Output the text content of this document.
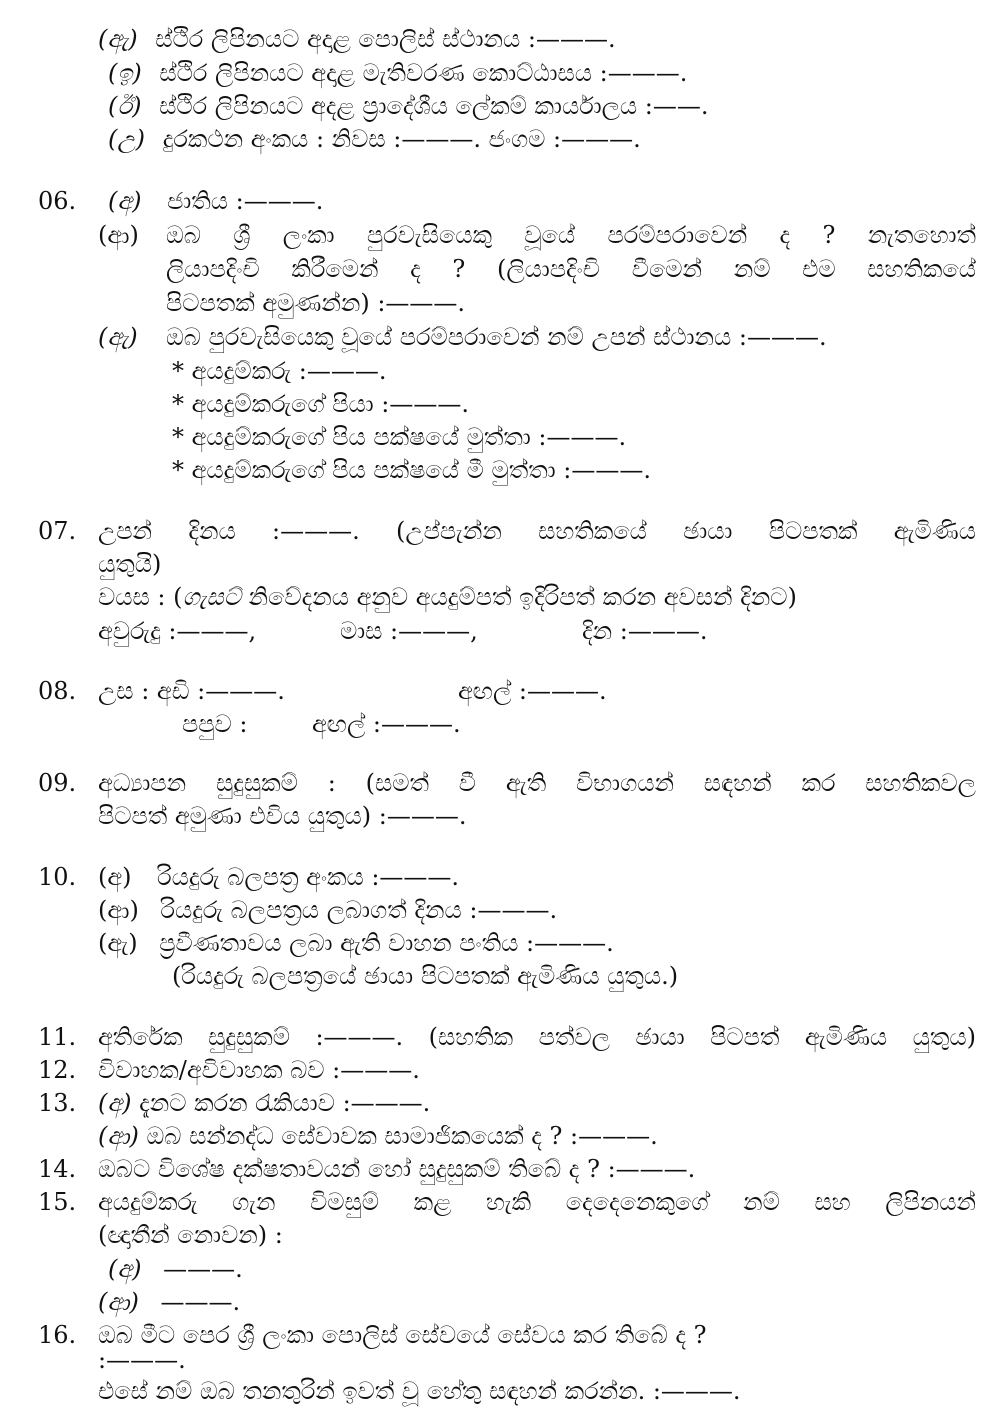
(ඇ) ස්ථිර ලිපිනයට අදාළ පොලිස් ස්ථානය :———.
(ඉ) ස්ථිර ලිපිනයට අදාළ මැතිවරණ කොට්ඨාසය :———.
(ඊ) ස්ථිර ලිපිනයට අදළ ප්‍රාදේශීය ලේකම් කාර්යාලය :——.
(උ) දුරකථන අංකය : නිවස :———. ජංගම :———.
06. (අ) ජාතිය :———.
(ආ) ඔබ ශ්‍රී ලංකා පුරවැසියෙකු වූයේ පරම්පරාවෙන් ද ? නැතහොත්
ලියාපදිංචි කිරීමෙන් ද ? (ලියාපදිංචි වීමෙන් නම් එම සහතිකයේ
පිටපතක් අමුණන්න) :———.
(ඇ) ඔබ පුරවැසියෙකු වූයේ පරම්පරාවෙන් නම් උපන් ස්ථානය :———.
* අයදුම්කරු :———.
* අයදුම්කරුගේ පියා :———.
* අයදුම්කරුගේ පිය පක්ෂයේ මුත්තා :———.
* අයදුම්කරුගේ පිය පක්ෂයේ මී මුත්තා :———.
07. උපන් දිනය :———. (උප්පැන්න සහතිකයේ ඡායා පිටපතක් ඇමිණිය
යුතුයි)
වයස : (ගැසට් නිවේදනය අනුව අයදුම්පත් ඉදිරිපත් කරන අවසන් දිනට)
අවුරුදු :———,	මාස :———,	දින :———.
08. උස : අඩි :———.	අඟල් :———.
පපුව :	අඟල් :———.
09. අධ්‍යාපන සුදුසුකම් : (සමත් වී ඇති විභාගයන් සඳහන් කර සහතිකවල
පිටපත් අමුණා එවිය යුතුය) :———.
10. (අ) රියදුරු බලපත්‍ර අංකය :———.
(ආ) රියදුරු බලපත්‍රය ලබාගත් දිනය :———.
(ඇ) ප්‍රවීණතාවය ලබා ඇති වාහන පංතිය :———.
(රියදුරු බලපත්‍රයේ ඡායා පිටපතක් ඇමිණිය යුතුය.)
11. අතිරේක සුදුසුකම් :———. (සහතික පත්වල ඡායා පිටපත් ඇමිණිය යුතුය)
12. විවාහක/අවිවාහක බව :———.
13. (අ) දැනට කරන රැකියාව :———.
(ආ) ඔබ සන්නද්ධ සේවාවක සාමාජිකයෙක් ද ? :———.
14. ඔබට විශේෂ දක්ෂතාවයන් හෝ සුදුසුකම් තිබේ ද ? :———.
15. අයදුම්කරු ගැන විමසුම් කළ හැකි දෙදෙනෙකුගේ නම් සහ ලිපිනයන්
(ඥාතීන් නොවන) :
(අ) ———.
(ආ) ———.
16. ඔබ මීට පෙර ශ්‍රී ලංකා පොලිස් සේවයේ සේවය කර තිබේ ද ?
:———.
එසේ නම් ඔබ තනතුරින් ඉවත් වූ හේතු සඳහන් කරන්න. :———.
